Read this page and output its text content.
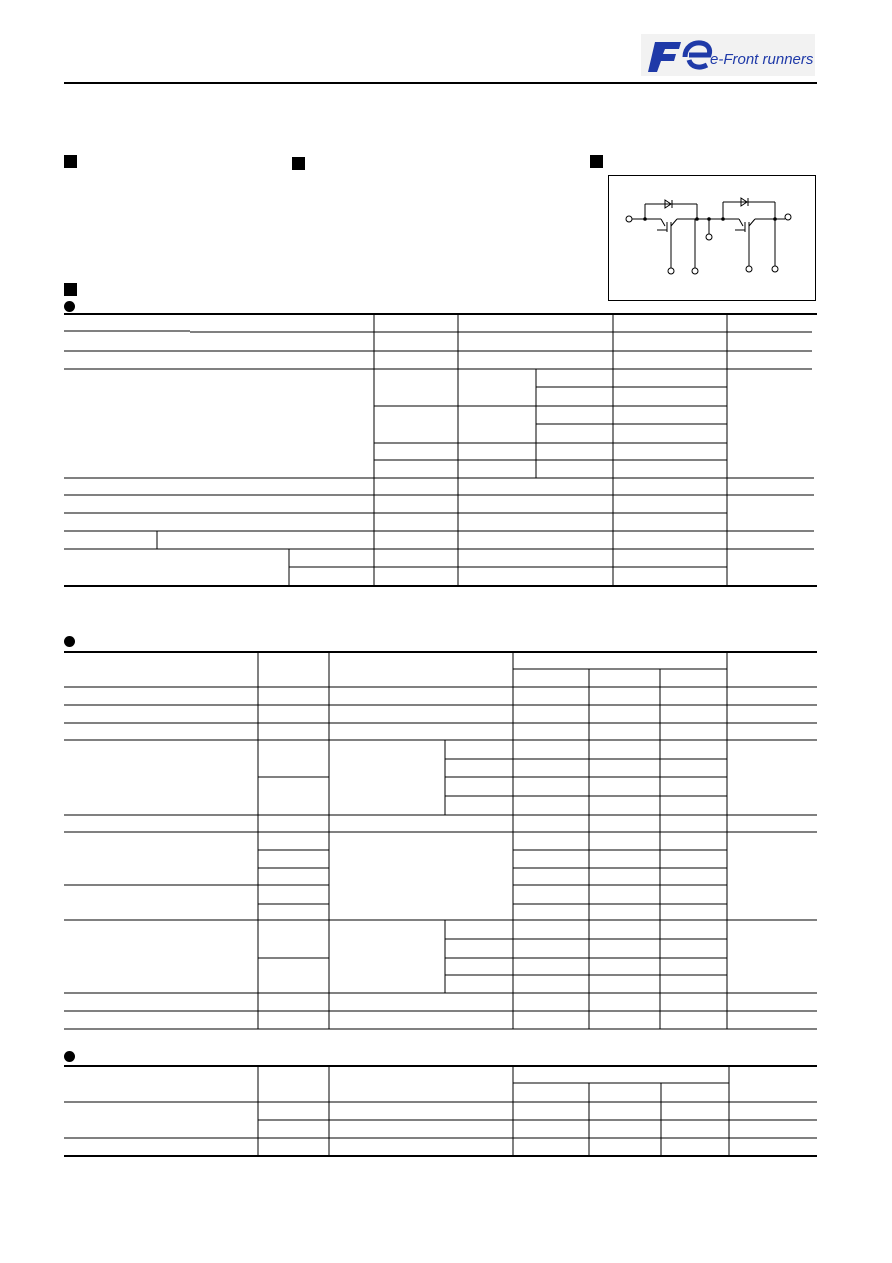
e-Front runners
